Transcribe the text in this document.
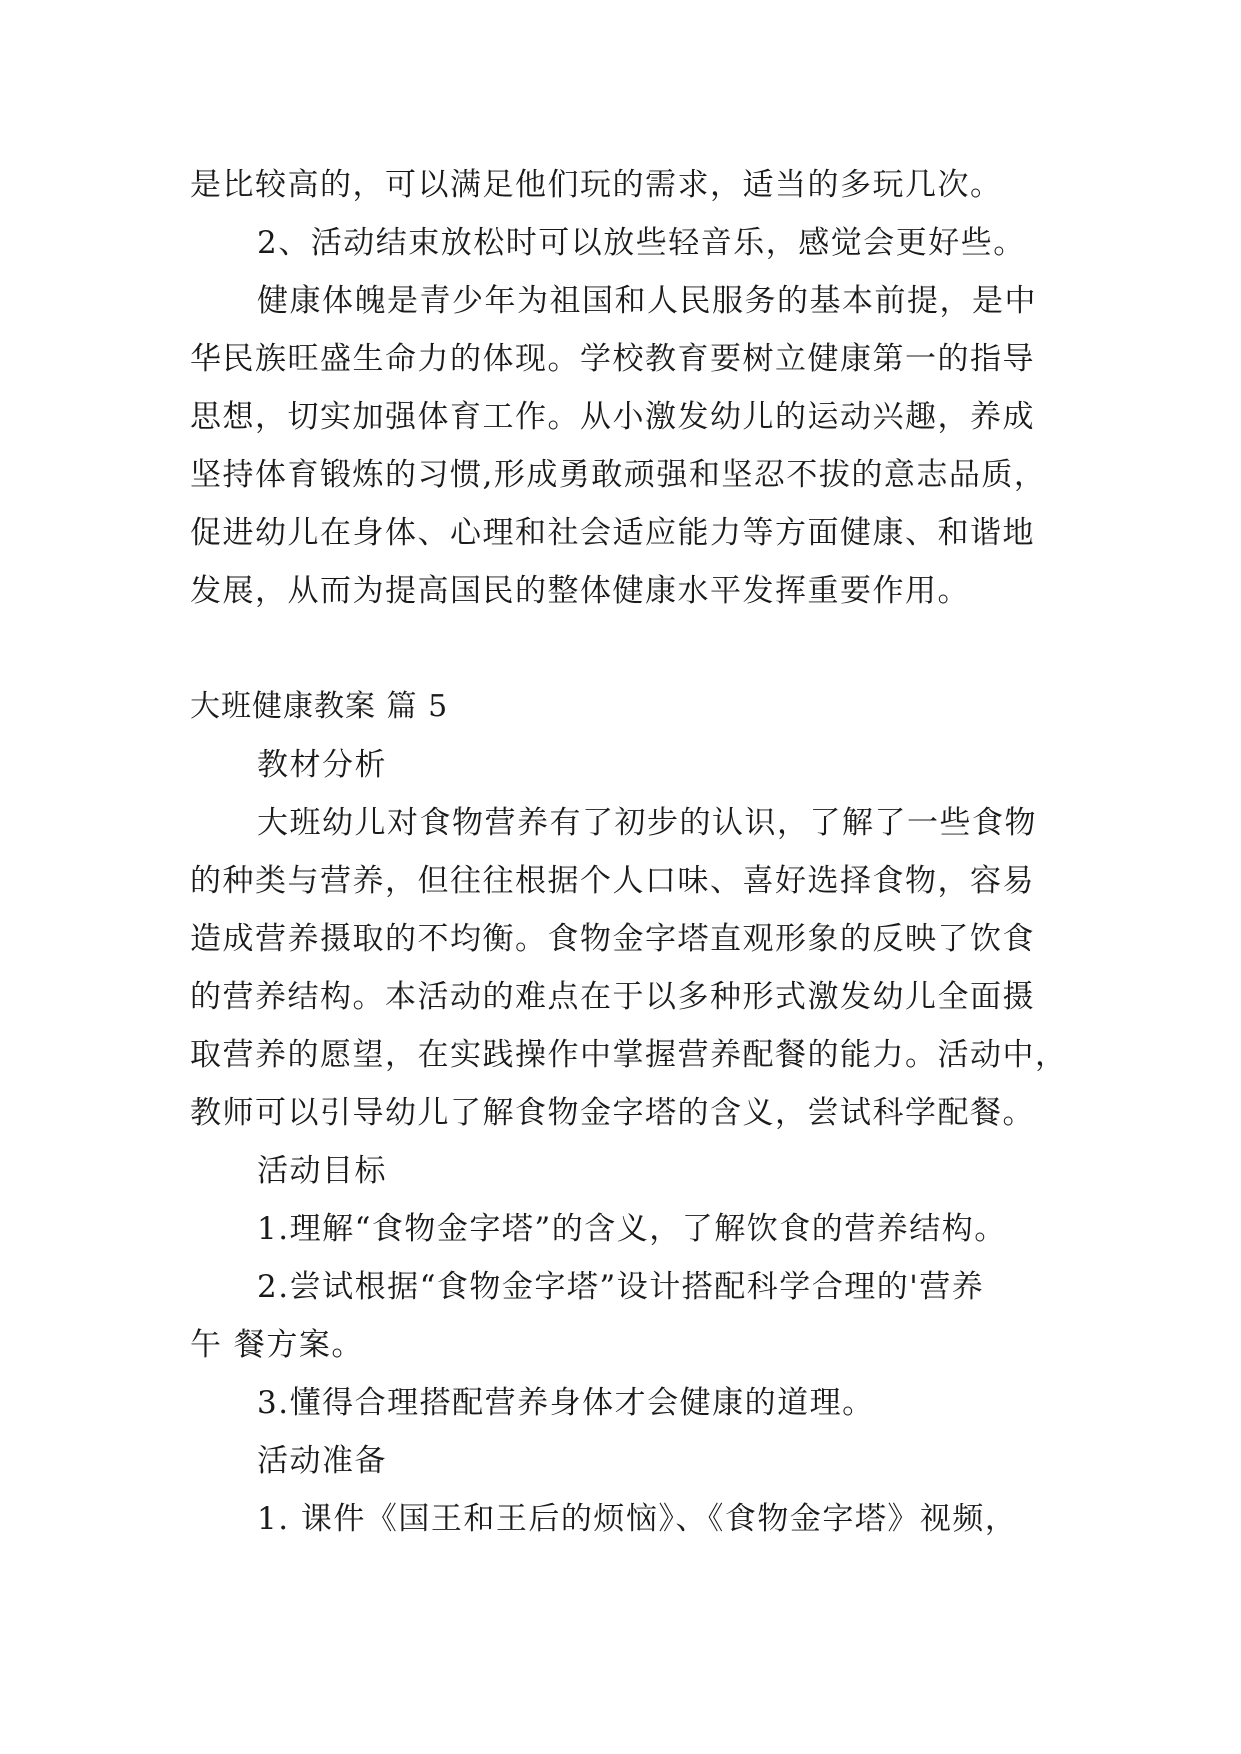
是比较高的，可以满足他们玩的需求，适当的多玩几次。
2、活动结束放松时可以放些轻音乐，感觉会更好些。
健康体魄是青少年为祖国和人民服务的基本前提，是中
华民族旺盛生命力的体现。学校教育要树立健康第一的指导
思想，切实加强体育工作。从小激发幼儿的运动兴趣，养成
坚持体育锻炼的习惯,形成勇敢顽强和坚忍不拔的意志品质，
促进幼儿在身体、心理和社会适应能力等方面健康、和谐地
发展，从而为提高国民的整体健康水平发挥重要作用。
大班健康教案 篇 5
教材分析
大班幼儿对食物营养有了初步的认识，了解了一些食物
的种类与营养，但往往根据个人口味、喜好选择食物，容易
造成营养摄取的不均衡。食物金字塔直观形象的反映了饮食
的营养结构。本活动的难点在于以多种形式激发幼儿全面摄
取营养的愿望，在实践操作中掌握营养配餐的能力。活动中，
教师可以引导幼儿了解食物金字塔的含义，尝试科学配餐。
活动目标
1.理解“食物金字塔”的含义，了解饮食的营养结构。
2.尝试根据“食物金字塔”设计搭配科学合理的'营养
午 餐方案。
3.懂得合理搭配营养身体才会健康的道理。
活动准备
1. 课件《国王和王后的烦恼》、《食物金字塔》视频，
